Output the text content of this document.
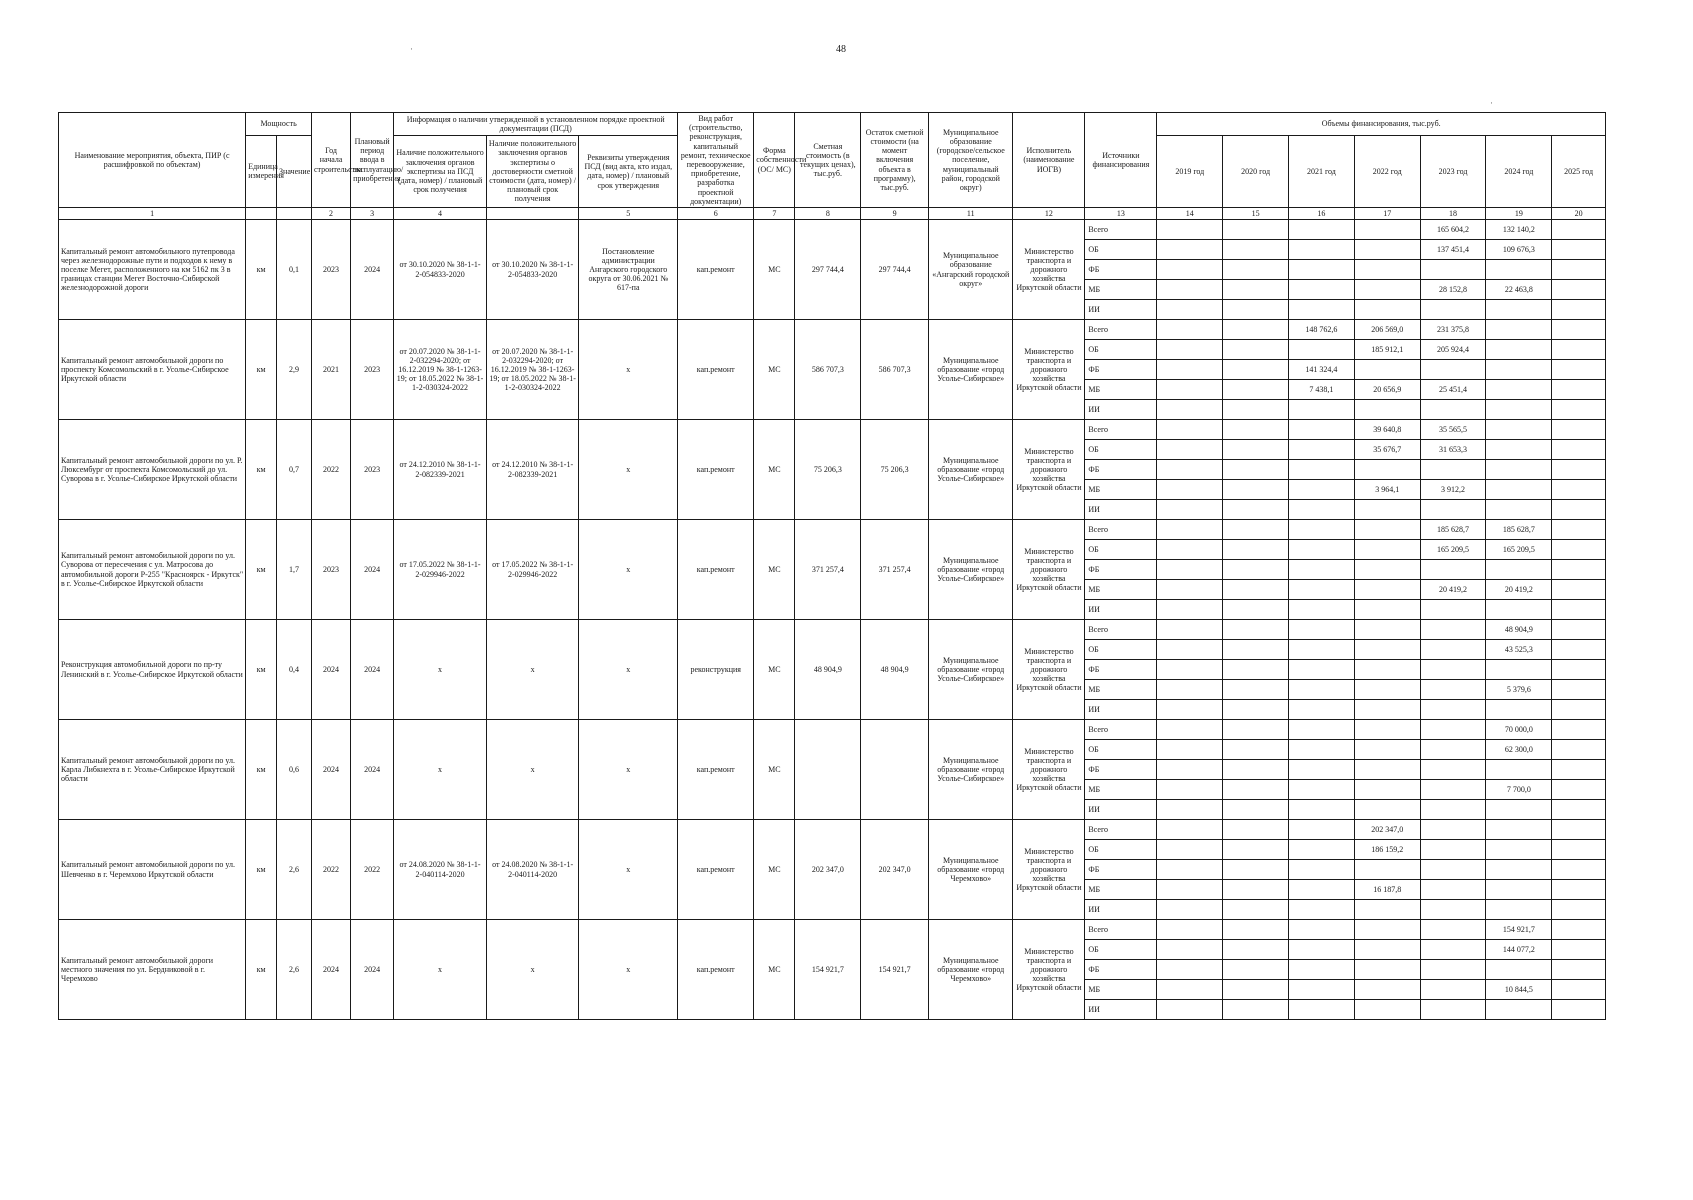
48
·
·
Наименование мероприятия, объекта, ПИР (с расшифровкой по объектам)	Мощность		Год начала строительства	Плановый период ввода в эксплуатацию/приобретения	Информация о наличии утвержденной в установленном порядке проектной документации (ПСД)			Вид работ (строительство, реконструкция, капитальный ремонт, техническое перевооружение, приобретение, разработка проектной документации)	Форма собственности (ОС/ МС)	Сметная стоимость (в текущих ценах), тыс.руб.	Остаток сметной стоимости (на момент включения объекта в программу), тыс.руб.	Муниципальное образование (городское/сельское поселение, муниципальный район, городской округ)	Исполнитель (наименование ИОГВ)	Источники финансирования	Объемы финансирования, тыс.руб.						
	Единица измерения	Значение			Наличие положительного заключения органов экспертизы на ПСД (дата, номер) / плановый срок получения	Наличие положительного заключения органов экспертизы о достоверности сметной стоимости (дата, номер) / плановый срок получения	Реквизиты утверждения ПСД (вид акта, кто издал, дата, номер) / плановый срок утверждения								2019 год	2020 год	2021 год	2022 год	2023 год	2024 год	2025 год
1			2	3	4		5	6	7	8	9	11	12	13	14	15	16	17	18	19	20
Капитальный ремонт автомобильного путепровода через железнодорожные пути и подходов к нему в поселке Мегет, расположенного на км 5162 пк 3 в границах станции Мегет Восточно-Сибирской железнодорожной дороги	км	0,1	2023	2024	от 30.10.2020 № 38-1-1-2-054833-2020	от 30.10.2020 № 38-1-1-2-054833-2020	Постановление администрации Ангарского городского округа от 30.06.2021 № 617-па	кап.ремонт	МС	297 744,4	297 744,4	Муниципальное образование «Ангарский городской округ»	Министерство транспорта и дорожного хозяйства Иркутской области	Всего					165 604,2	132 140,2	
														ОБ					137 451,4	109 676,3	
														ФБ							
														МБ					28 152,8	22 463,8	
														ИИ							
Капитальный ремонт автомобильной дороги по проспекту Комсомольский в г. Усолье-Сибирское Иркутской области	км	2,9	2021	2023	от 20.07.2020 № 38-1-1-2-032294-2020; от 16.12.2019 № 38-1-1263-19; от 18.05.2022 № 38-1-1-2-030324-2022	от 20.07.2020 № 38-1-1-2-032294-2020; от 16.12.2019 № 38-1-1263-19; от 18.05.2022 № 38-1-1-2-030324-2022	х	кап.ремонт	МС	586 707,3	586 707,3	Муниципальное образование «город Усолье-Сибирское»	Министерство транспорта и дорожного хозяйства Иркутской области	Всего			148 762,6	206 569,0	231 375,8		
														ОБ				185 912,1	205 924,4		
														ФБ			141 324,4				
														МБ			7 438,1	20 656,9	25 451,4		
														ИИ							
Капитальный ремонт автомобильной дороги по ул. Р. Люксембург от проспекта Комсомольский до ул. Суворова в г. Усолье-Сибирское Иркутской области	км	0,7	2022	2023	от 24.12.2010 № 38-1-1-2-082339-2021	от 24.12.2010 № 38-1-1-2-082339-2021	х	кап.ремонт	МС	75 206,3	75 206,3	Муниципальное образование «город Усолье-Сибирское»	Министерство транспорта и дорожного хозяйства Иркутской области	Всего				39 640,8	35 565,5		
														ОБ				35 676,7	31 653,3		
														ФБ							
														МБ				3 964,1	3 912,2		
														ИИ							
Капитальный ремонт автомобильной дороги по ул. Суворова от пересечения с ул. Матросова до автомобильной дороги Р-255 "Красноярск - Иркутск" в г. Усолье-Сибирское Иркутской области	км	1,7	2023	2024	от 17.05.2022 № 38-1-1-2-029946-2022	от 17.05.2022 № 38-1-1-2-029946-2022	х	кап.ремонт	МС	371 257,4	371 257,4	Муниципальное образование «город Усолье-Сибирское»	Министерство транспорта и дорожного хозяйства Иркутской области	Всего					185 628,7	185 628,7	
														ОБ					165 209,5	165 209,5	
														ФБ							
														МБ					20 419,2	20 419,2	
														ИИ							
Реконструкция автомобильной дороги по пр-ту Ленинский в г. Усолье-Сибирское Иркутской области	км	0,4	2024	2024	х	х	х	реконструкция	МС	48 904,9	48 904,9	Муниципальное образование «город Усолье-Сибирское»	Министерство транспорта и дорожного хозяйства Иркутской области	Всего						48 904,9	
														ОБ						43 525,3	
														ФБ							
														МБ						5 379,6	
														ИИ							
Капитальный ремонт автомобильной дороги по ул. Карла Либкнехта в г. Усолье-Сибирское Иркутской области	км	0,6	2024	2024	х	х	х	кап.ремонт	МС			Муниципальное образование «город Усолье-Сибирское»	Министерство транспорта и дорожного хозяйства Иркутской области	Всего						70 000,0	
														ОБ						62 300,0	
														ФБ							
														МБ						7 700,0	
														ИИ							
Капитальный ремонт автомобильной дороги по ул. Шевченко в г. Черемхово Иркутской области	км	2,6	2022	2022	от 24.08.2020 № 38-1-1-2-040114-2020	от 24.08.2020 № 38-1-1-2-040114-2020	х	кап.ремонт	МС	202 347,0	202 347,0	Муниципальное образование «город Черемхово»	Министерство транспорта и дорожного хозяйства Иркутской области	Всего				202 347,0			
														ОБ				186 159,2			
														ФБ							
														МБ				16 187,8			
														ИИ							
Капитальный ремонт автомобильной дороги местного значения по ул. Бердниковой в г. Черемхово	км	2,6	2024	2024	х	х	х	кап.ремонт	МС	154 921,7	154 921,7	Муниципальное образование «город Черемхово»	Министерство транспорта и дорожного хозяйства Иркутской области	Всего						154 921,7	
														ОБ						144 077,2	
														ФБ							
														МБ						10 844,5	
														ИИ							
